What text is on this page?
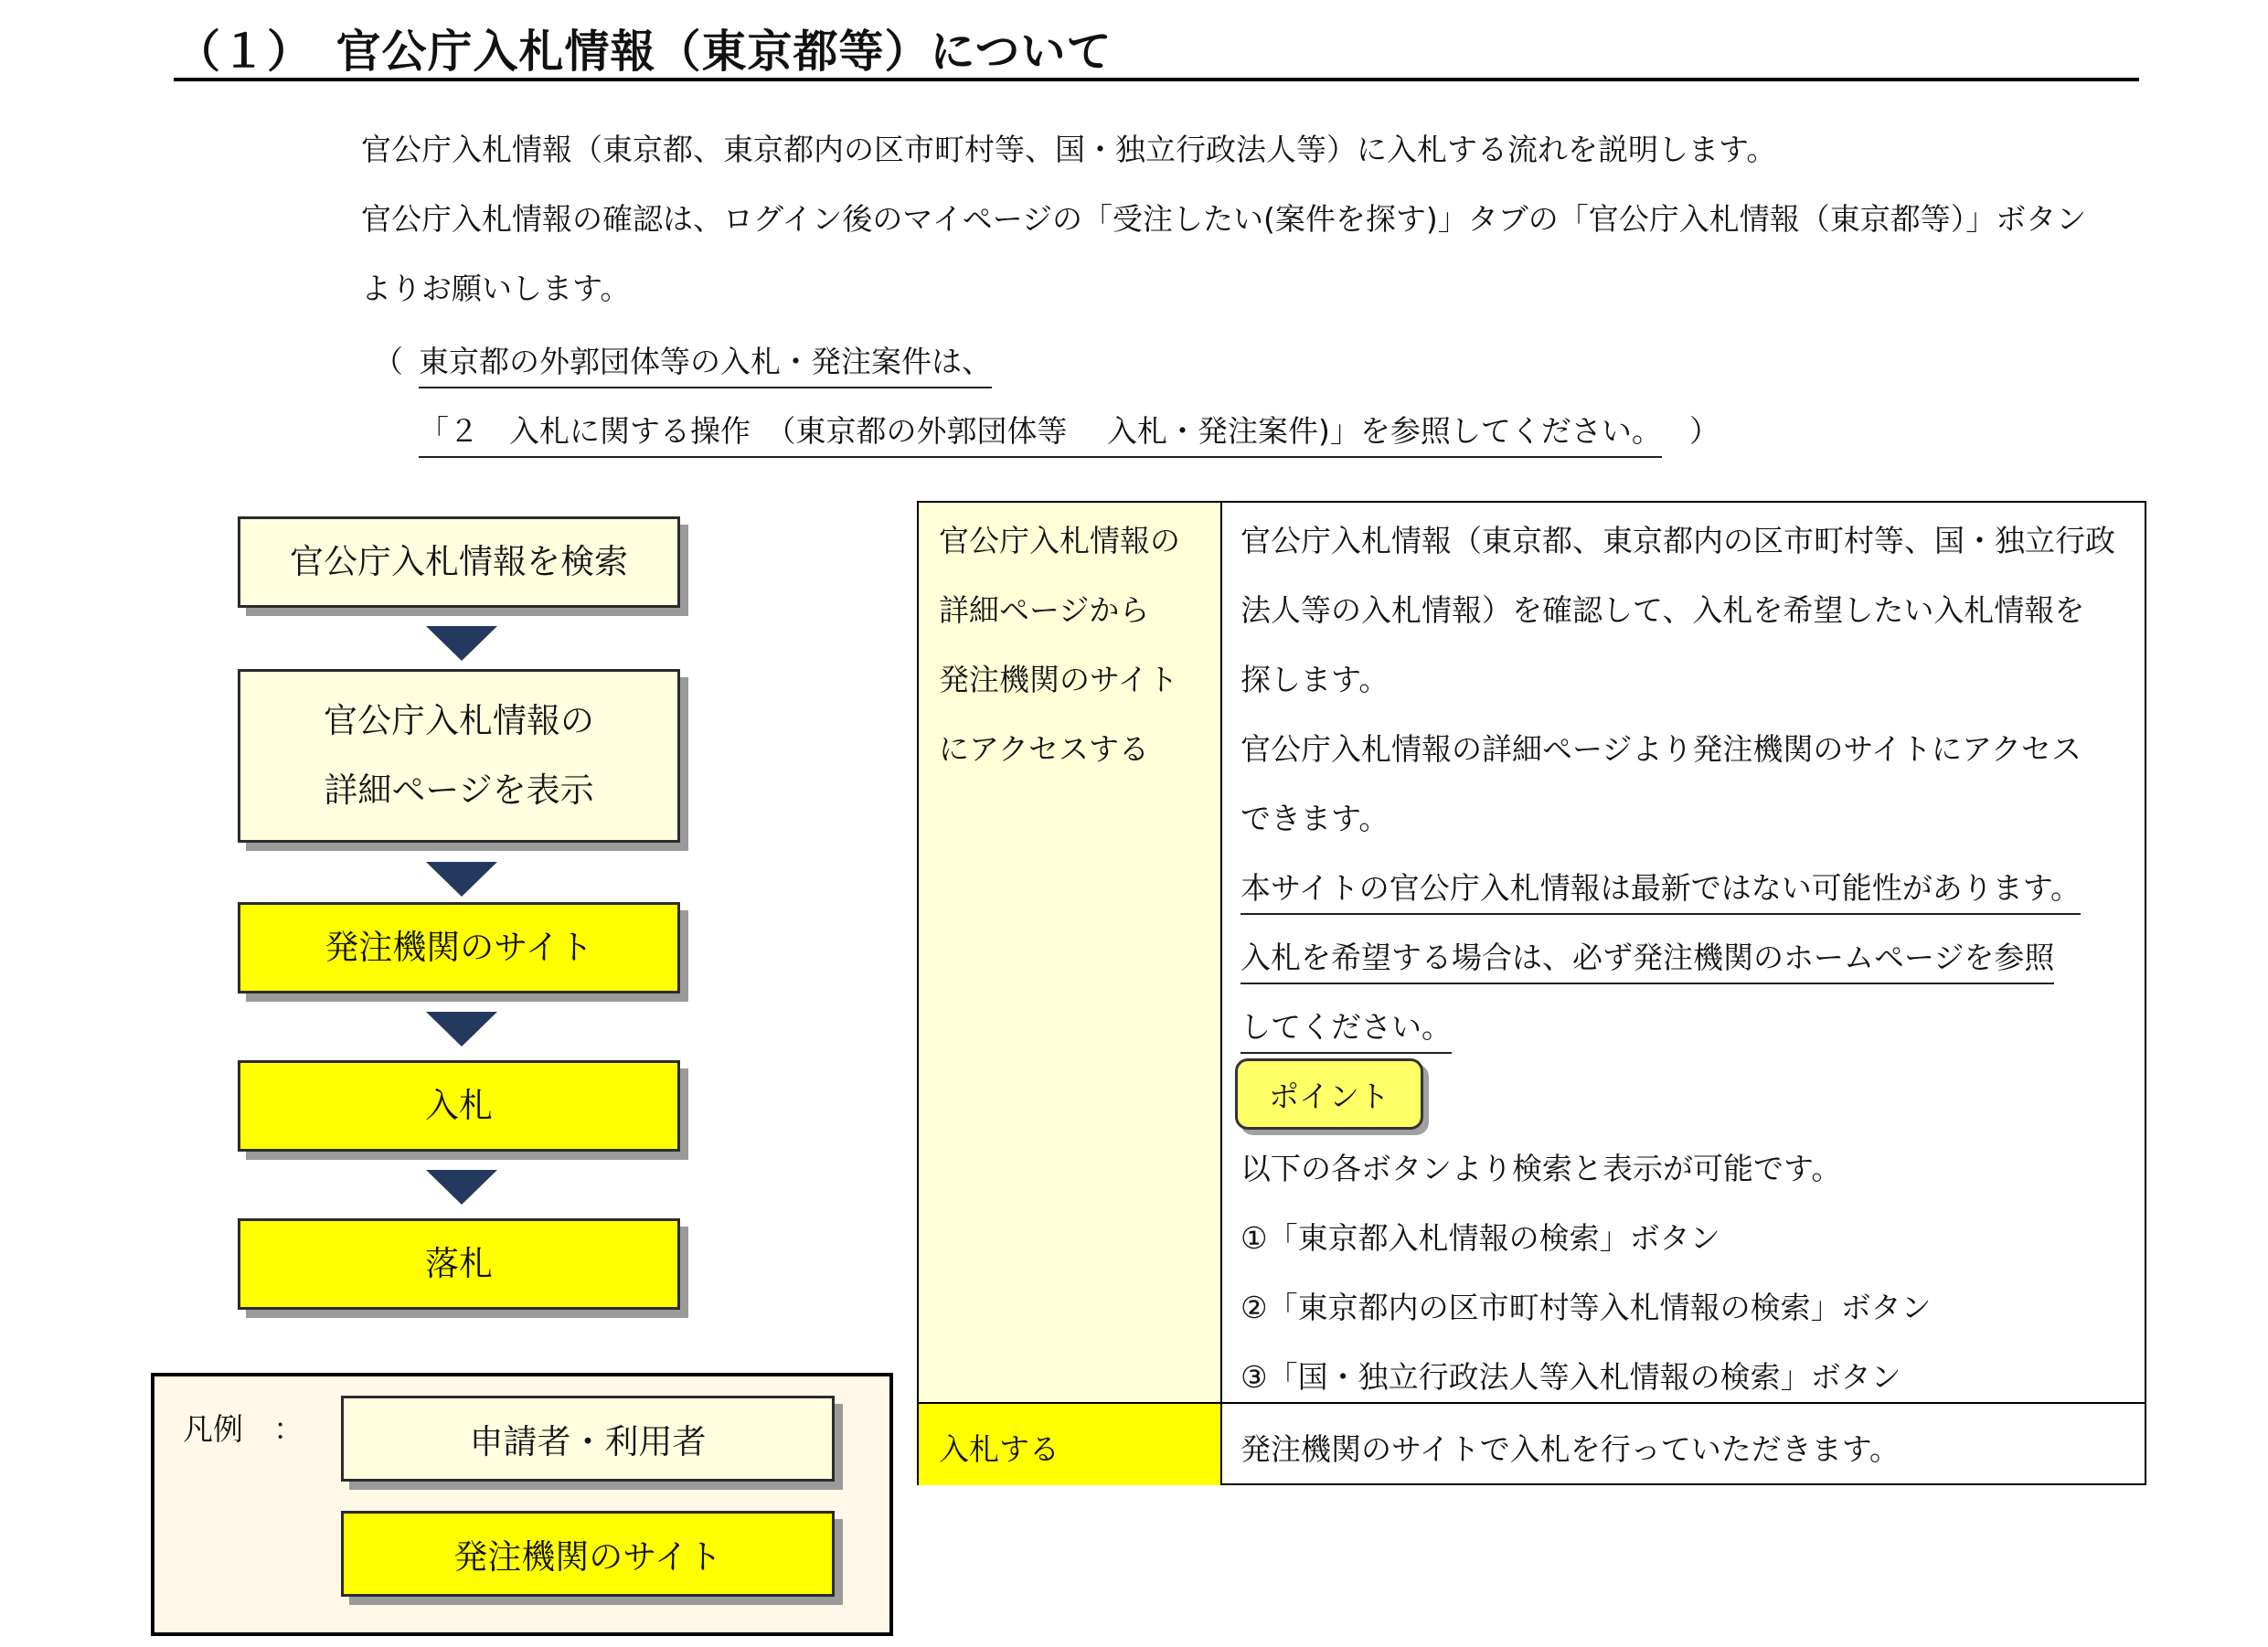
（１）　官公庁入札情報（東京都等）について
官公庁入札情報（東京都、東京都内の区市町村等、国・独立行政法人等）に入札する流れを説明します。
官公庁入札情報の確認は、ログイン後のマイページの「受注したい(案件を探す)」タブの「官公庁入札情報（東京都等）」ボタン
よりお願いします。
（ 東京都の外郭団体等の入札・発注案件は、
「２　入札に関する操作　（東京都の外郭団体等　 入札・発注案件)」を参照してください。 ）
官公庁入札情報を検索
官公庁入札情報の
詳細ページを表示
発注機関のサイト
入札
落札
凡例　：	申請者・利用者
発注機関のサイト
官公庁入札情報の
詳細ページから
発注機関のサイト
にアクセスする
官公庁入札情報（東京都、東京都内の区市町村等、国・独立行政
法人等の入札情報）を確認して、入札を希望したい入札情報を
探します。
官公庁入札情報の詳細ページより発注機関のサイトにアクセス
できます。
本サイトの官公庁入札情報は最新ではない可能性があります。
入札を希望する場合は、必ず発注機関のホームページを参照
してください。
ポイント
以下の各ボタンより検索と表示が可能です。
①「東京都入札情報の検索」ボタン
②「東京都内の区市町村等入札情報の検索」ボタン
③「国・独立行政法人等入札情報の検索」ボタン
入札する	発注機関のサイトで入札を行っていただきます。
